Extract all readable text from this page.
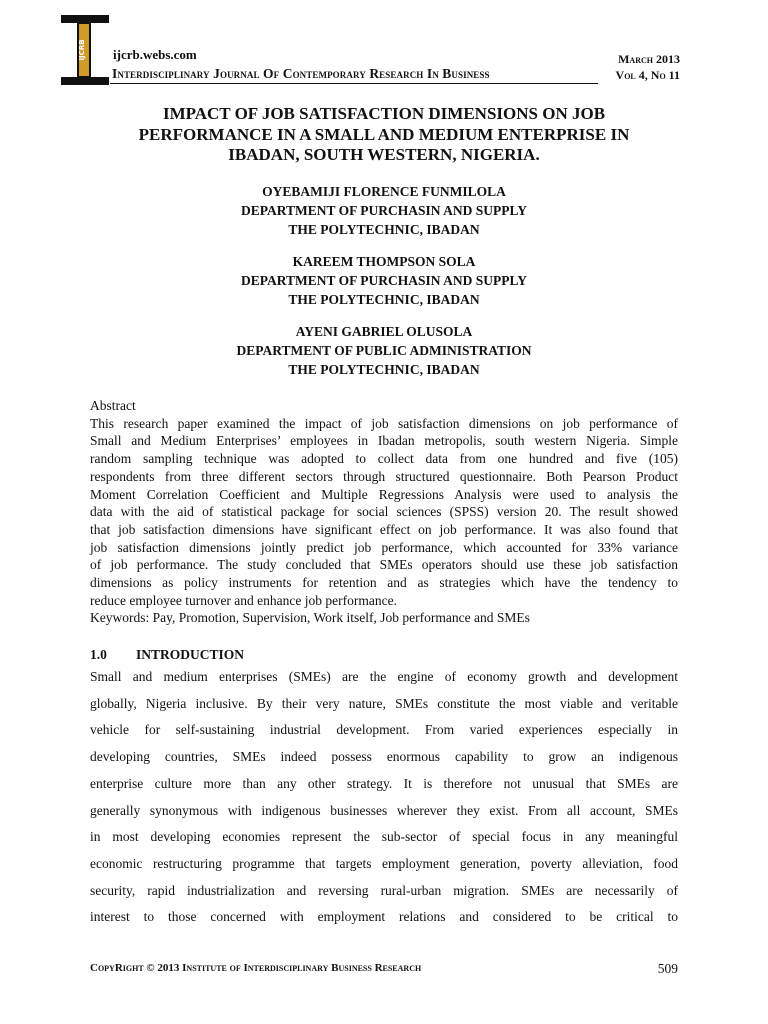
IJCRB ijcrb.webs.com
Interdisciplinary Journal Of Contemporary Research In Business
March 2013
Vol 4, No 11
IMPACT OF JOB SATISFACTION DIMENSIONS ON JOB
PERFORMANCE IN A SMALL AND MEDIUM ENTERPRISE IN
IBADAN, SOUTH WESTERN, NIGERIA.
OYEBAMIJI FLORENCE FUNMILOLA
DEPARTMENT OF PURCHASIN AND SUPPLY
THE POLYTECHNIC, IBADAN
KAREEM THOMPSON SOLA
DEPARTMENT OF PURCHASIN AND SUPPLY
THE POLYTECHNIC, IBADAN
AYENI GABRIEL OLUSOLA
DEPARTMENT OF PUBLIC ADMINISTRATION
THE POLYTECHNIC, IBADAN
Abstract
This research paper examined the impact of job satisfaction dimensions on job performance of
Small and Medium Enterprises’ employees in Ibadan metropolis, south western Nigeria. Simple
random sampling technique was adopted to collect data from one hundred and five (105)
respondents from three different sectors through structured questionnaire. Both Pearson Product
Moment Correlation Coefficient and Multiple Regressions Analysis were used to analysis the
data with the aid of statistical package for social sciences (SPSS) version 20. The result showed
that job satisfaction dimensions have significant effect on job performance. It was also found that
job satisfaction dimensions jointly predict job performance, which accounted for 33% variance
of job performance. The study concluded that SMEs operators should use these job satisfaction
dimensions as policy instruments for retention and as strategies which have the tendency to
reduce employee turnover and enhance job performance.
Keywords: Pay, Promotion, Supervision, Work itself, Job performance and SMEs
1.0 INTRODUCTION
Small and medium enterprises (SMEs) are the engine of economy growth and development
globally, Nigeria inclusive. By their very nature, SMEs constitute the most viable and veritable
vehicle for self-sustaining industrial development. From varied experiences especially in
developing countries, SMEs indeed possess enormous capability to grow an indigenous
enterprise culture more than any other strategy. It is therefore not unusual that SMEs are
generally synonymous with indigenous businesses wherever they exist. From all account, SMEs
in most developing economies represent the sub-sector of special focus in any meaningful
economic restructuring programme that targets employment generation, poverty alleviation, food
security, rapid industrialization and reversing rural-urban migration. SMEs are necessarily of
interest to those concerned with employment relations and considered to be critical to
CopyRight © 2013 Institute of Interdisciplinary Business Research	509
